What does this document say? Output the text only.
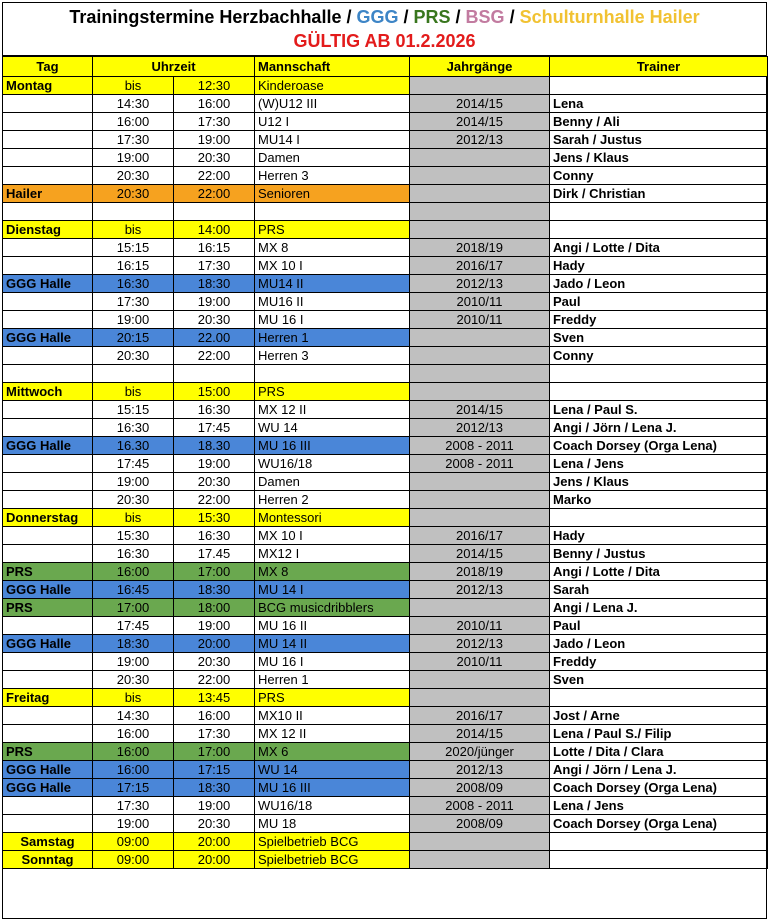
Trainingstermine Herzbachhalle / GGG / PRS / BSG / Schulturnhalle Hailer
GÜLTIG AB 01.2.2026
Tag	Uhrzeit		Mannschaft	Jahrgänge	Trainer
Montag	bis	12:30	Kinderoase		
	14:30	16:00	(W)U12 III	2014/15	Lena
	16:00	17:30	U12 I	2014/15	Benny / Ali
	17:30	19:00	MU14 I	2012/13	Sarah / Justus
	19:00	20:30	Damen		Jens / Klaus
	20:30	22:00	Herren 3		Conny
Hailer	20:30	22:00	Senioren		Dirk / Christian

Dienstag	bis	14:00	PRS		
	15:15	16:15	MX 8	2018/19	Angi / Lotte / Dita
	16:15	17:30	MX 10 I	2016/17	Hady
GGG Halle	16:30	18:30	MU14 II	2012/13	Jado / Leon
	17:30	19:00	MU16 II	2010/11	Paul
	19:00	20:30	MU 16 I	2010/11	Freddy
GGG Halle	20:15	22.00	Herren 1		Sven
	20:30	22:00	Herren 3		Conny

Mittwoch	bis	15:00	PRS		
	15:15	16:30	MX 12 II	2014/15	Lena / Paul S.
	16:30	17:45	WU 14	2012/13	Angi / Jörn / Lena J.
GGG Halle	16.30	18.30	MU 16 III	2008 - 2011	Coach Dorsey (Orga Lena)
	17:45	19:00	WU16/18	2008 - 2011	Lena / Jens
	19:00	20:30	Damen		Jens / Klaus
	20:30	22:00	Herren 2		Marko
Donnerstag	bis	15:30	Montessori		
	15:30	16:30	MX 10 I	2016/17	Hady
	16:30	17.45	MX12 I	2014/15	Benny / Justus
PRS	16:00	17:00	MX 8	2018/19	Angi / Lotte / Dita
GGG Halle	16:45	18:30	MU 14 I	2012/13	Sarah
PRS	17:00	18:00	BCG musicdribblers		Angi / Lena J.
	17:45	19:00	MU 16 II	2010/11	Paul
GGG Halle	18:30	20:00	MU 14 II	2012/13	Jado / Leon
	19:00	20:30	MU 16 I	2010/11	Freddy
	20:30	22:00	Herren 1		Sven
Freitag	bis	13:45	PRS		
	14:30	16:00	MX10 II	2016/17	Jost / Arne
	16:00	17:30	MX 12 II	2014/15	Lena / Paul S./ Filip
PRS	16:00	17:00	MX 6	2020/jünger	Lotte / Dita / Clara
GGG Halle	16:00	17:15	WU 14	2012/13	Angi / Jörn / Lena J.
GGG Halle	17:15	18:30	MU 16 III	2008/09	Coach Dorsey (Orga Lena)
	17:30	19:00	WU16/18	2008 - 2011	Lena / Jens
	19:00	20:30	MU 18	2008/09	Coach Dorsey (Orga Lena)
Samstag	09:00	20:00	Spielbetrieb BCG		
Sonntag	09:00	20:00	Spielbetrieb BCG		
